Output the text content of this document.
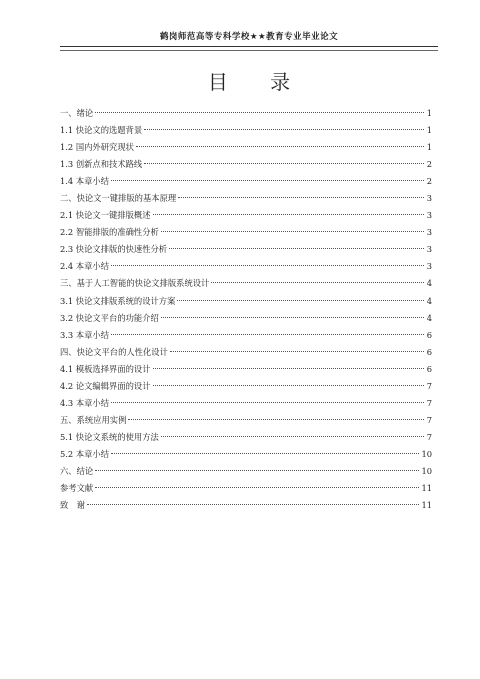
鹤岗师范高等专科学校★★教育专业毕业论文
目 录
一、绪论	1
1.1 快论文的选题背景	1
1.2 国内外研究现状	1
1.3 创新点和技术路线	2
1.4 本章小结	2
二、快论文一键排版的基本原理	3
2.1 快论文一键排版概述	3
2.2 智能排版的准确性分析	3
2.3 快论文排版的快速性分析	3
2.4 本章小结	3
三、基于人工智能的快论文排版系统设计	4
3.1 快论文排版系统的设计方案	4
3.2 快论文平台的功能介绍	4
3.3 本章小结	6
四、快论文平台的人性化设计	6
4.1 模板选择界面的设计	6
4.2 论文编辑界面的设计	7
4.3 本章小结	7
五、系统应用实例	7
5.1 快论文系统的使用方法	7
5.2 本章小结	10
六、结论	10
参考文献	11
致　谢	11
